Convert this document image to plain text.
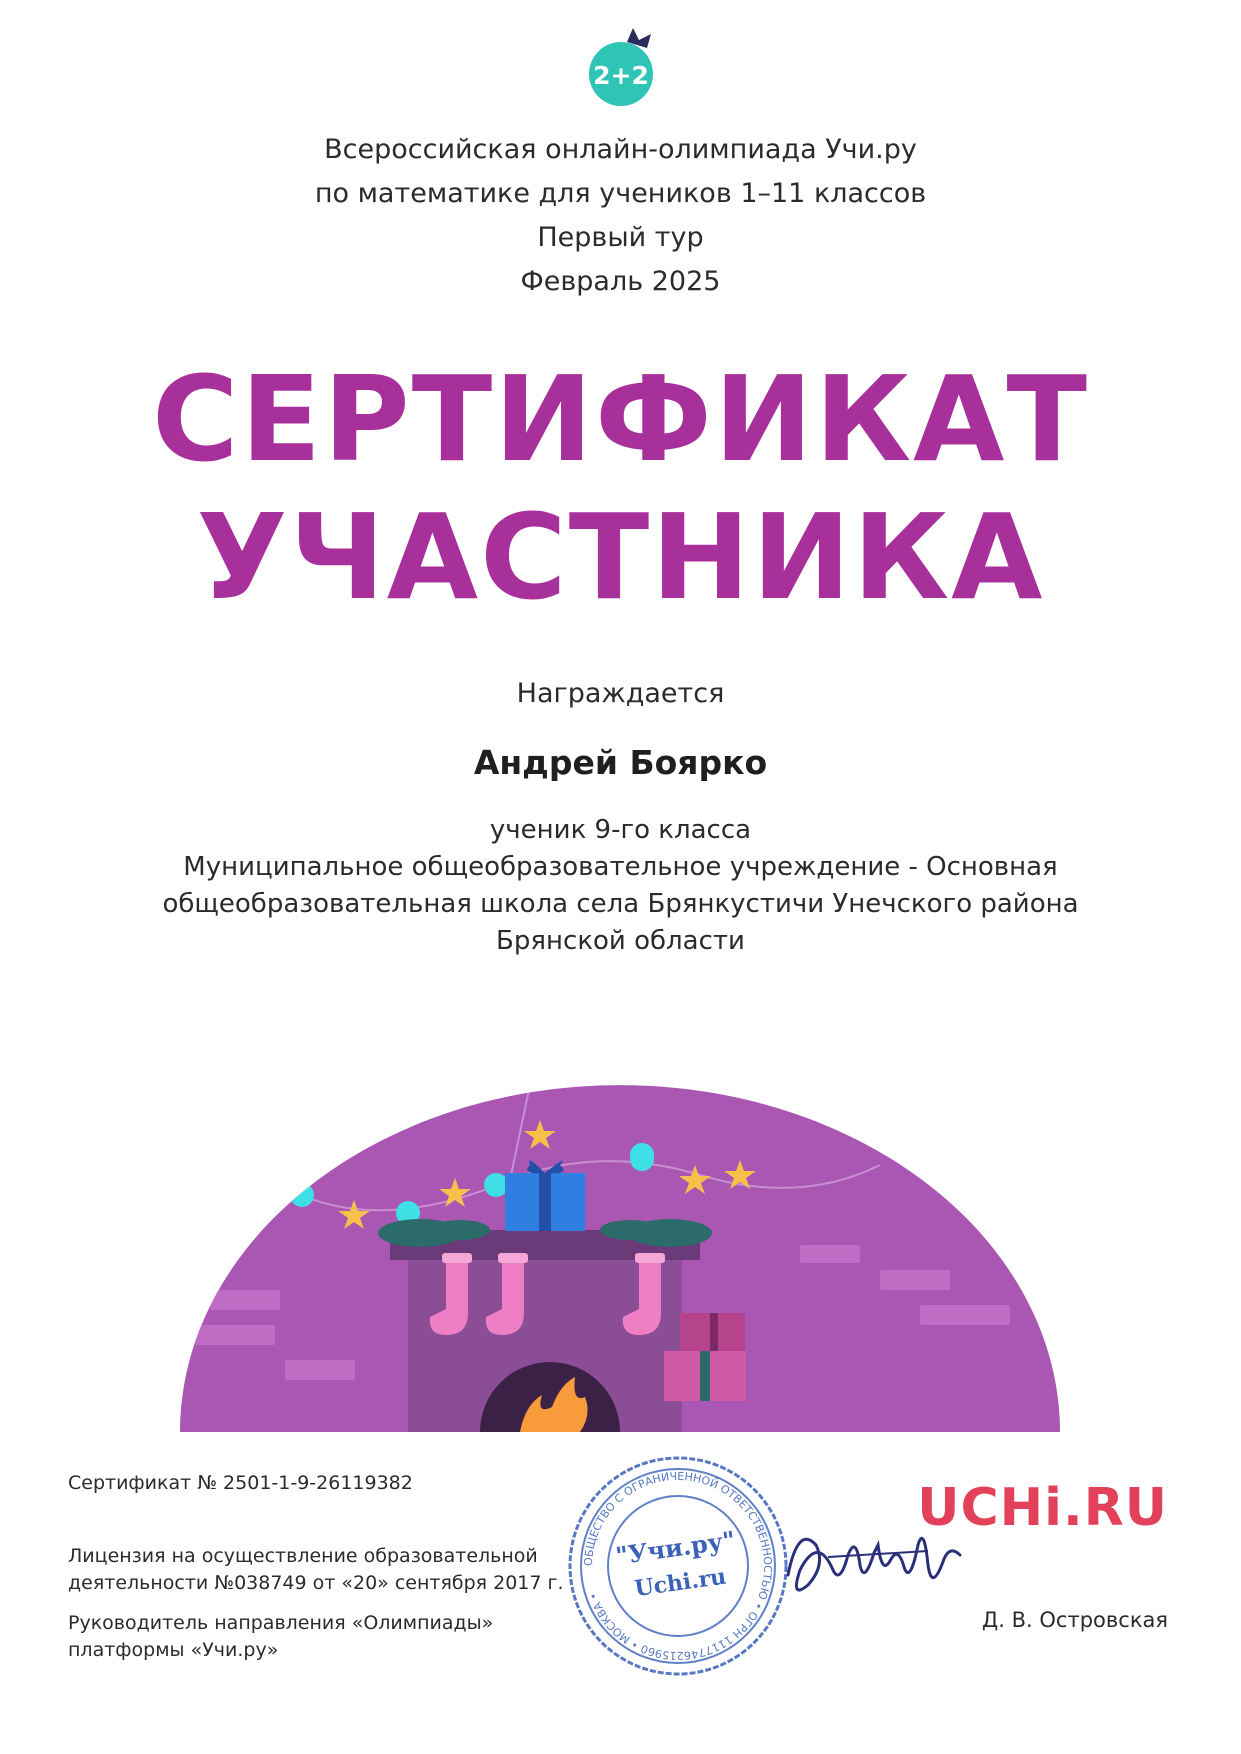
2+2
Всероссийская онлайн-олимпиада Учи.ру
по математике для учеников 1–11 классов
Первый тур
Февраль 2025
СЕРТИФИКАТ
УЧАСТНИКА
Награждается
Андрей Боярко
ученик 9-го класса
Муниципальное общеобразовательное учреждение - Основная
общеобразовательная школа села Брянкустичи Унечского района
Брянской области
Сертификат № 2501-1-9-26119382
Лицензия на осуществление образовательной
деятельности №038749 от «20» сентября 2017 г.
Руководитель направления «Олимпиады»
платформы «Учи.ру»
ОБЩЕСТВО С ОГРАНИЧЕННОЙ ОТВЕТСТВЕННОСТЬЮ • ОГРН 1117746215960 • МОСКВА •
"Учи.ру"
Uchi.ru
UCHi.RU
Д. В. Островская
